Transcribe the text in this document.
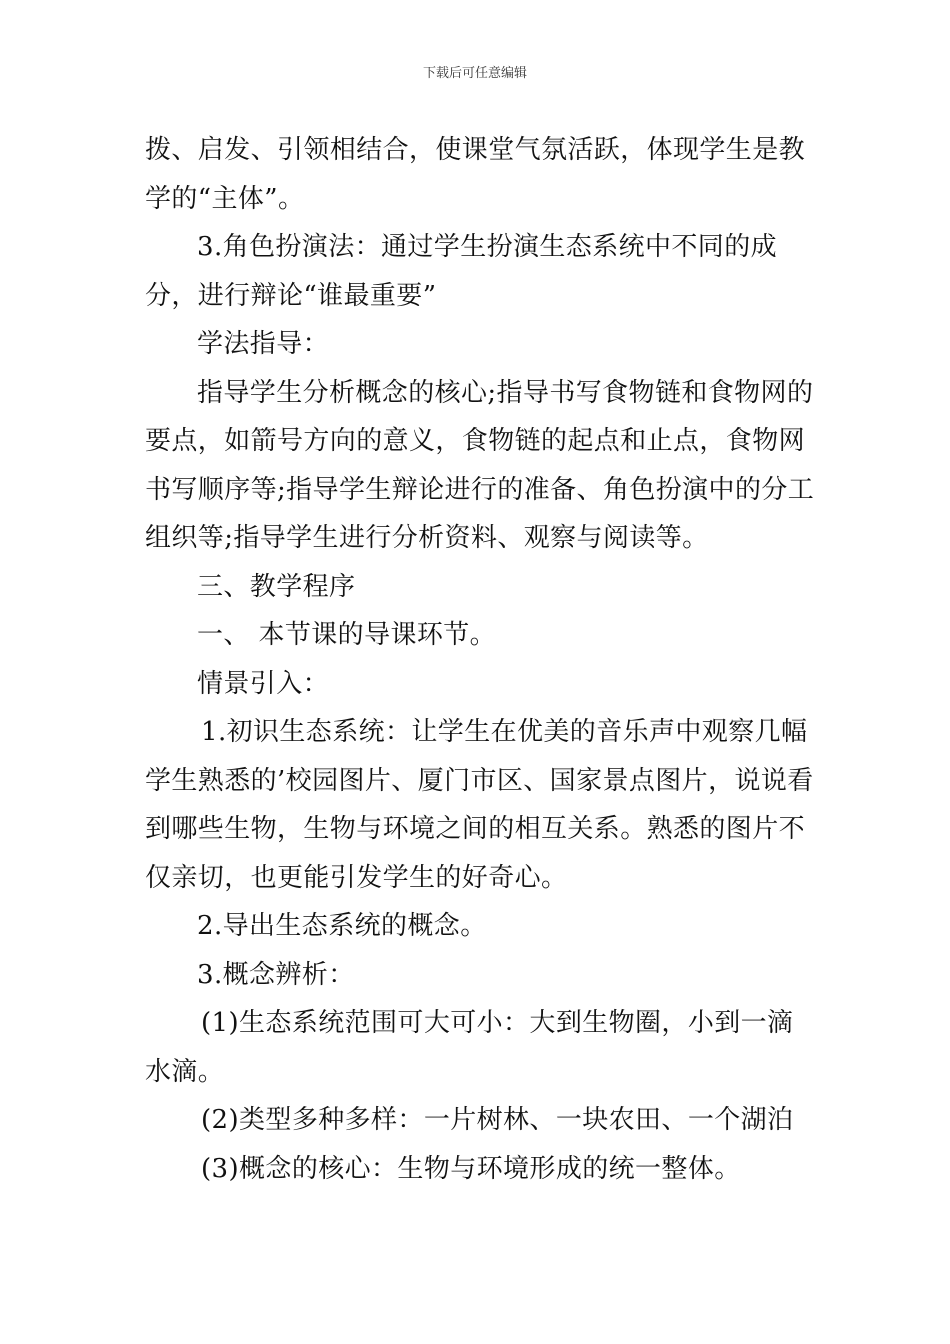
下载后可任意编辑

拨、启发、引领相结合，使课堂气氛活跃，体现学生是教学的“主体”。

3.角色扮演法：通过学生扮演生态系统中不同的成分，进行辩论“谁最重要”

学法指导：

指导学生分析概念的核心;指导书写食物链和食物网的要点，如箭号方向的意义，食物链的起点和止点，食物网书写顺序等;指导学生辩论进行的准备、角色扮演中的分工组织等;指导学生进行分析资料、观察与阅读等。

三、教学程序

一、 本节课的导课环节。

情景引入：

1.初识生态系统：让学生在优美的音乐声中观察几幅学生熟悉的’校园图片、厦门市区、国家景点图片，说说看到哪些生物，生物与环境之间的相互关系。熟悉的图片不仅亲切，也更能引发学生的好奇心。

2.导出生态系统的概念。

3.概念辨析：

(1)生态系统范围可大可小：大到生物圈，小到一滴水滴。

(2)类型多种多样：一片树林、一块农田、一个湖泊

(3)概念的核心：生物与环境形成的统一整体。
